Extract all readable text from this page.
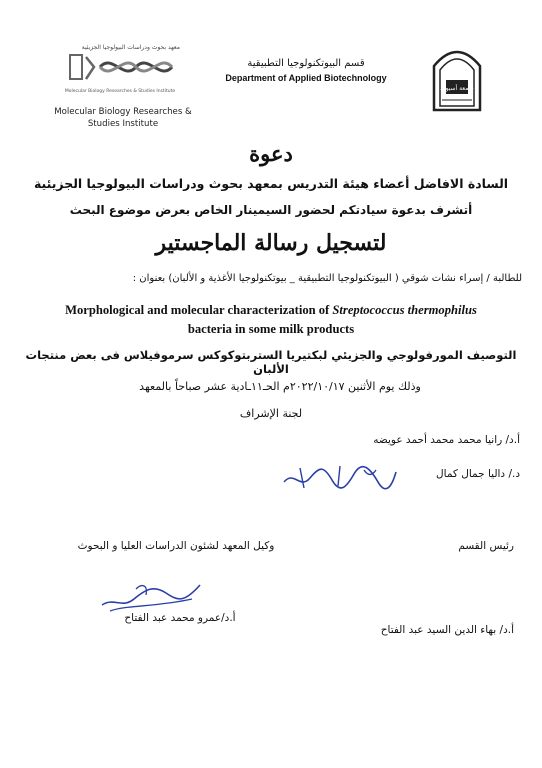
معهد بحوث ودراسات البيولوجيا الجزيئية
Molecular Biology Researches & Studies Institute
Molecular Biology Researches & Studies Institute
قسم البيوتكنولوجيا التطبيقية
Department of Applied Biotechnology
جامعة أسيوط
دعوة
السادة الافاضل أعضاء هيئة التدريس بمعهد بحوث ودراسات البيولوجيا الجزيئية
أتشرف بدعوة سيادتكم لحضور السيمينار الخاص بعرض موضوع البحث
لتسجيل رسالة الماجستير
للطالبة / إسراء نشات شوقي ( البيوتكنولوجيا التطبيقية _ بيوتكنولوجيا الأغذية و الألبان) بعنوان :
Morphological and molecular characterization of Streptococcus thermophilus
bacteria in some milk products
التوصيف المورفولوجي والجزيئي لبكتيريا الستربتوكوكس سرموفيلاس فى بعض منتجات الألبان
وذلك يوم الأثنين ٢٠٢٢/١٠/١٧م الحـ١١ـادية عشر صباحاً بالمعهد
لجنة الإشراف
أ.د/ رانيا محمد محمد أحمد عويضه
د./ داليا جمال كمال
رئيس القسم
وكيل المعهد لشئون الدراسات العليا و البحوث
أ.د/ بهاء الدين السيد عبد الفتاح
أ.د/عمرو محمد عبد الفتاح
